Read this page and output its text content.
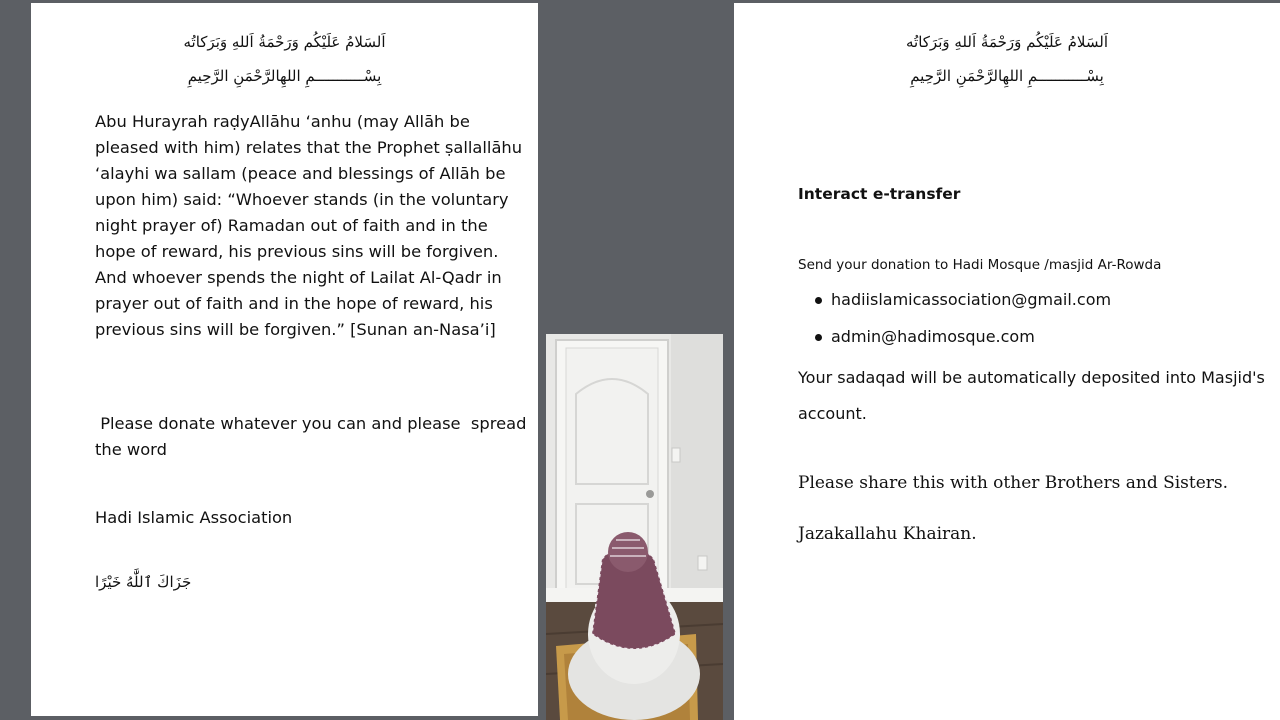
اَلسَلامُ عَلَيْكُم وَرَحْمَةُ اَللهِ وَبَرَكاتُه
بِسْـــــــــــمِ اللهِالرَّحْمَنِ الرَّحِيمِ

Abu Hurayrah raḍyAllāhu ‘anhu (may Allāh be pleased with him) relates that the Prophet ṣallallāhu ‘alayhi wa sallam (peace and blessings of Allāh be upon him) said: “Whoever stands (in the voluntary night prayer of) Ramadan out of faith and in the hope of reward, his previous sins will be forgiven. And whoever spends the night of Lailat Al-Qadr in prayer out of faith and in the hope of reward, his previous sins will be forgiven.” [Sunan an-Nasa’i]

Please donate whatever you can and please  spread the word

Hadi Islamic Association

جَزَاكَ ٱللَّٰهُ خَيْرًا
اَلسَلامُ عَلَيْكُم وَرَحْمَةُ اَللهِ وَبَرَكاتُه
بِسْـــــــــــمِ اللهِالرَّحْمَنِ الرَّحِيمِ
Interact e-transfer
Send your donation to Hadi Mosque /masjid Ar-Rowda
hadiislamicassociation@gmail.com
admin@hadimosque.com
Your sadaqad will be automatically deposited into Masjid's account.
Please share this with other Brothers and Sisters.
Jazakallahu Khairan.
